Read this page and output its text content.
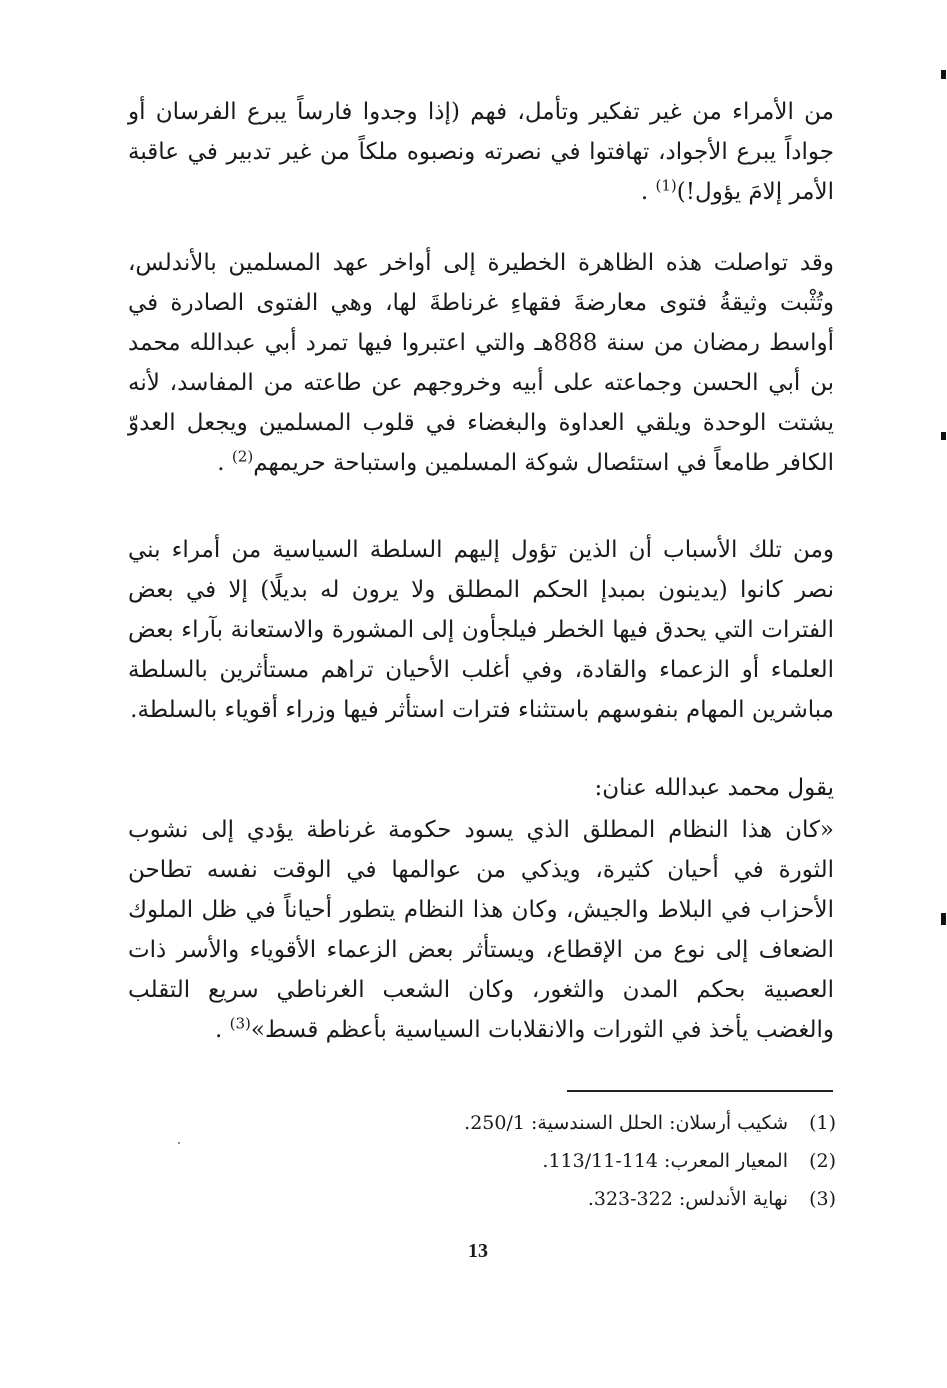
من الأمراء من غير تفكير وتأمل، فهم (إذا وجدوا فارساً يبرع الفرسان أو جواداً يبرع الأجواد، تهافتوا في نصرته ونصبوه ملكاً من غير تدبير في عاقبة الأمر إلامَ يؤول!)$^{(1)}$ .

وقد تواصلت هذه الظاهرة الخطيرة إلى أواخر عهد المسلمين بالأندلس، وتُثْبت وثيقةُ فتوى معارضةَ فقهاءِ غرناطةَ لها، وهي الفتوى الصادرة في أواسط رمضان من سنة 888هـ والتي اعتبروا فيها تمرد أبي عبدالله محمد بن أبي الحسن وجماعته على أبيه وخروجهم عن طاعته من المفاسد، لأنه يشتت الوحدة ويلقي العداوة والبغضاء في قلوب المسلمين ويجعل العدوّ الكافر طامعاً في استئصال شوكة المسلمين واستباحة حريمهم$^{(2)}$ .

ومن تلك الأسباب أن الذين تؤول إليهم السلطة السياسية من أمراء بني نصر كانوا (يدينون بمبدإ الحكم المطلق ولا يرون له بديلًا) إلا في بعض الفترات التي يحدق فيها الخطر فيلجأون إلى المشورة والاستعانة بآراء بعض العلماء أو الزعماء والقادة، وفي أغلب الأحيان تراهم مستأثرين بالسلطة مباشرين المهام بنفوسهم باستثناء فترات استأثر فيها وزراء أقوياء بالسلطة.

يقول محمد عبدالله عنان:

«كان هذا النظام المطلق الذي يسود حكومة غرناطة يؤدي إلى نشوب الثورة في أحيان كثيرة، ويذكي من عوالمها في الوقت نفسه تطاحن الأحزاب في البلاط والجيش، وكان هذا النظام يتطور أحياناً في ظل الملوك الضعاف إلى نوع من الإقطاع، ويستأثر بعض الزعماء الأقوياء والأسر ذات العصبية بحكم المدن والثغور، وكان الشعب الغرناطي سريع التقلب والغضب يأخذ في الثورات والانقلابات السياسية بأعظم قسط»$^{(3)}$ .

(1)
شكيب أرسلان: الحلل السندسية: 250/1.
(2)
المعيار المعرب: 114-113/11.
(3)
نهاية الأندلس: 322-323.
13
